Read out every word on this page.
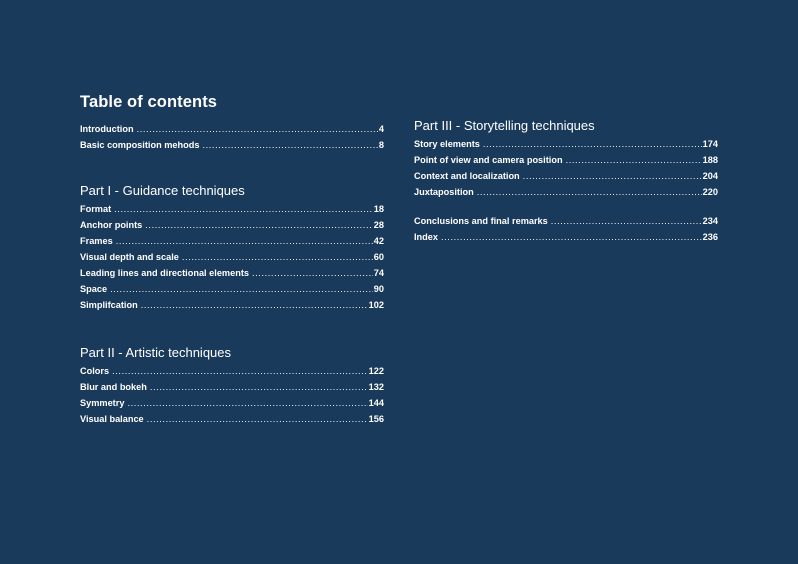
Table of contents
Introduction .....	4
Basic composition mehods .....	8
Part I - Guidance techniques
Format .....	18
Anchor points .....	28
Frames .....	42
Visual depth and scale .....	60
Leading lines and directional elements .....	74
Space .....	90
Simplifcation .....	102
Part II - Artistic techniques
Colors .....	122
Blur and bokeh .....	132
Symmetry .....	144
Visual balance .....	156
Part III - Storytelling techniques
Story elements .....	174
Point of view and camera position .....	188
Context and localization .....	204
Juxtaposition .....	220
Conclusions and final remarks .....	234
Index .....	236
